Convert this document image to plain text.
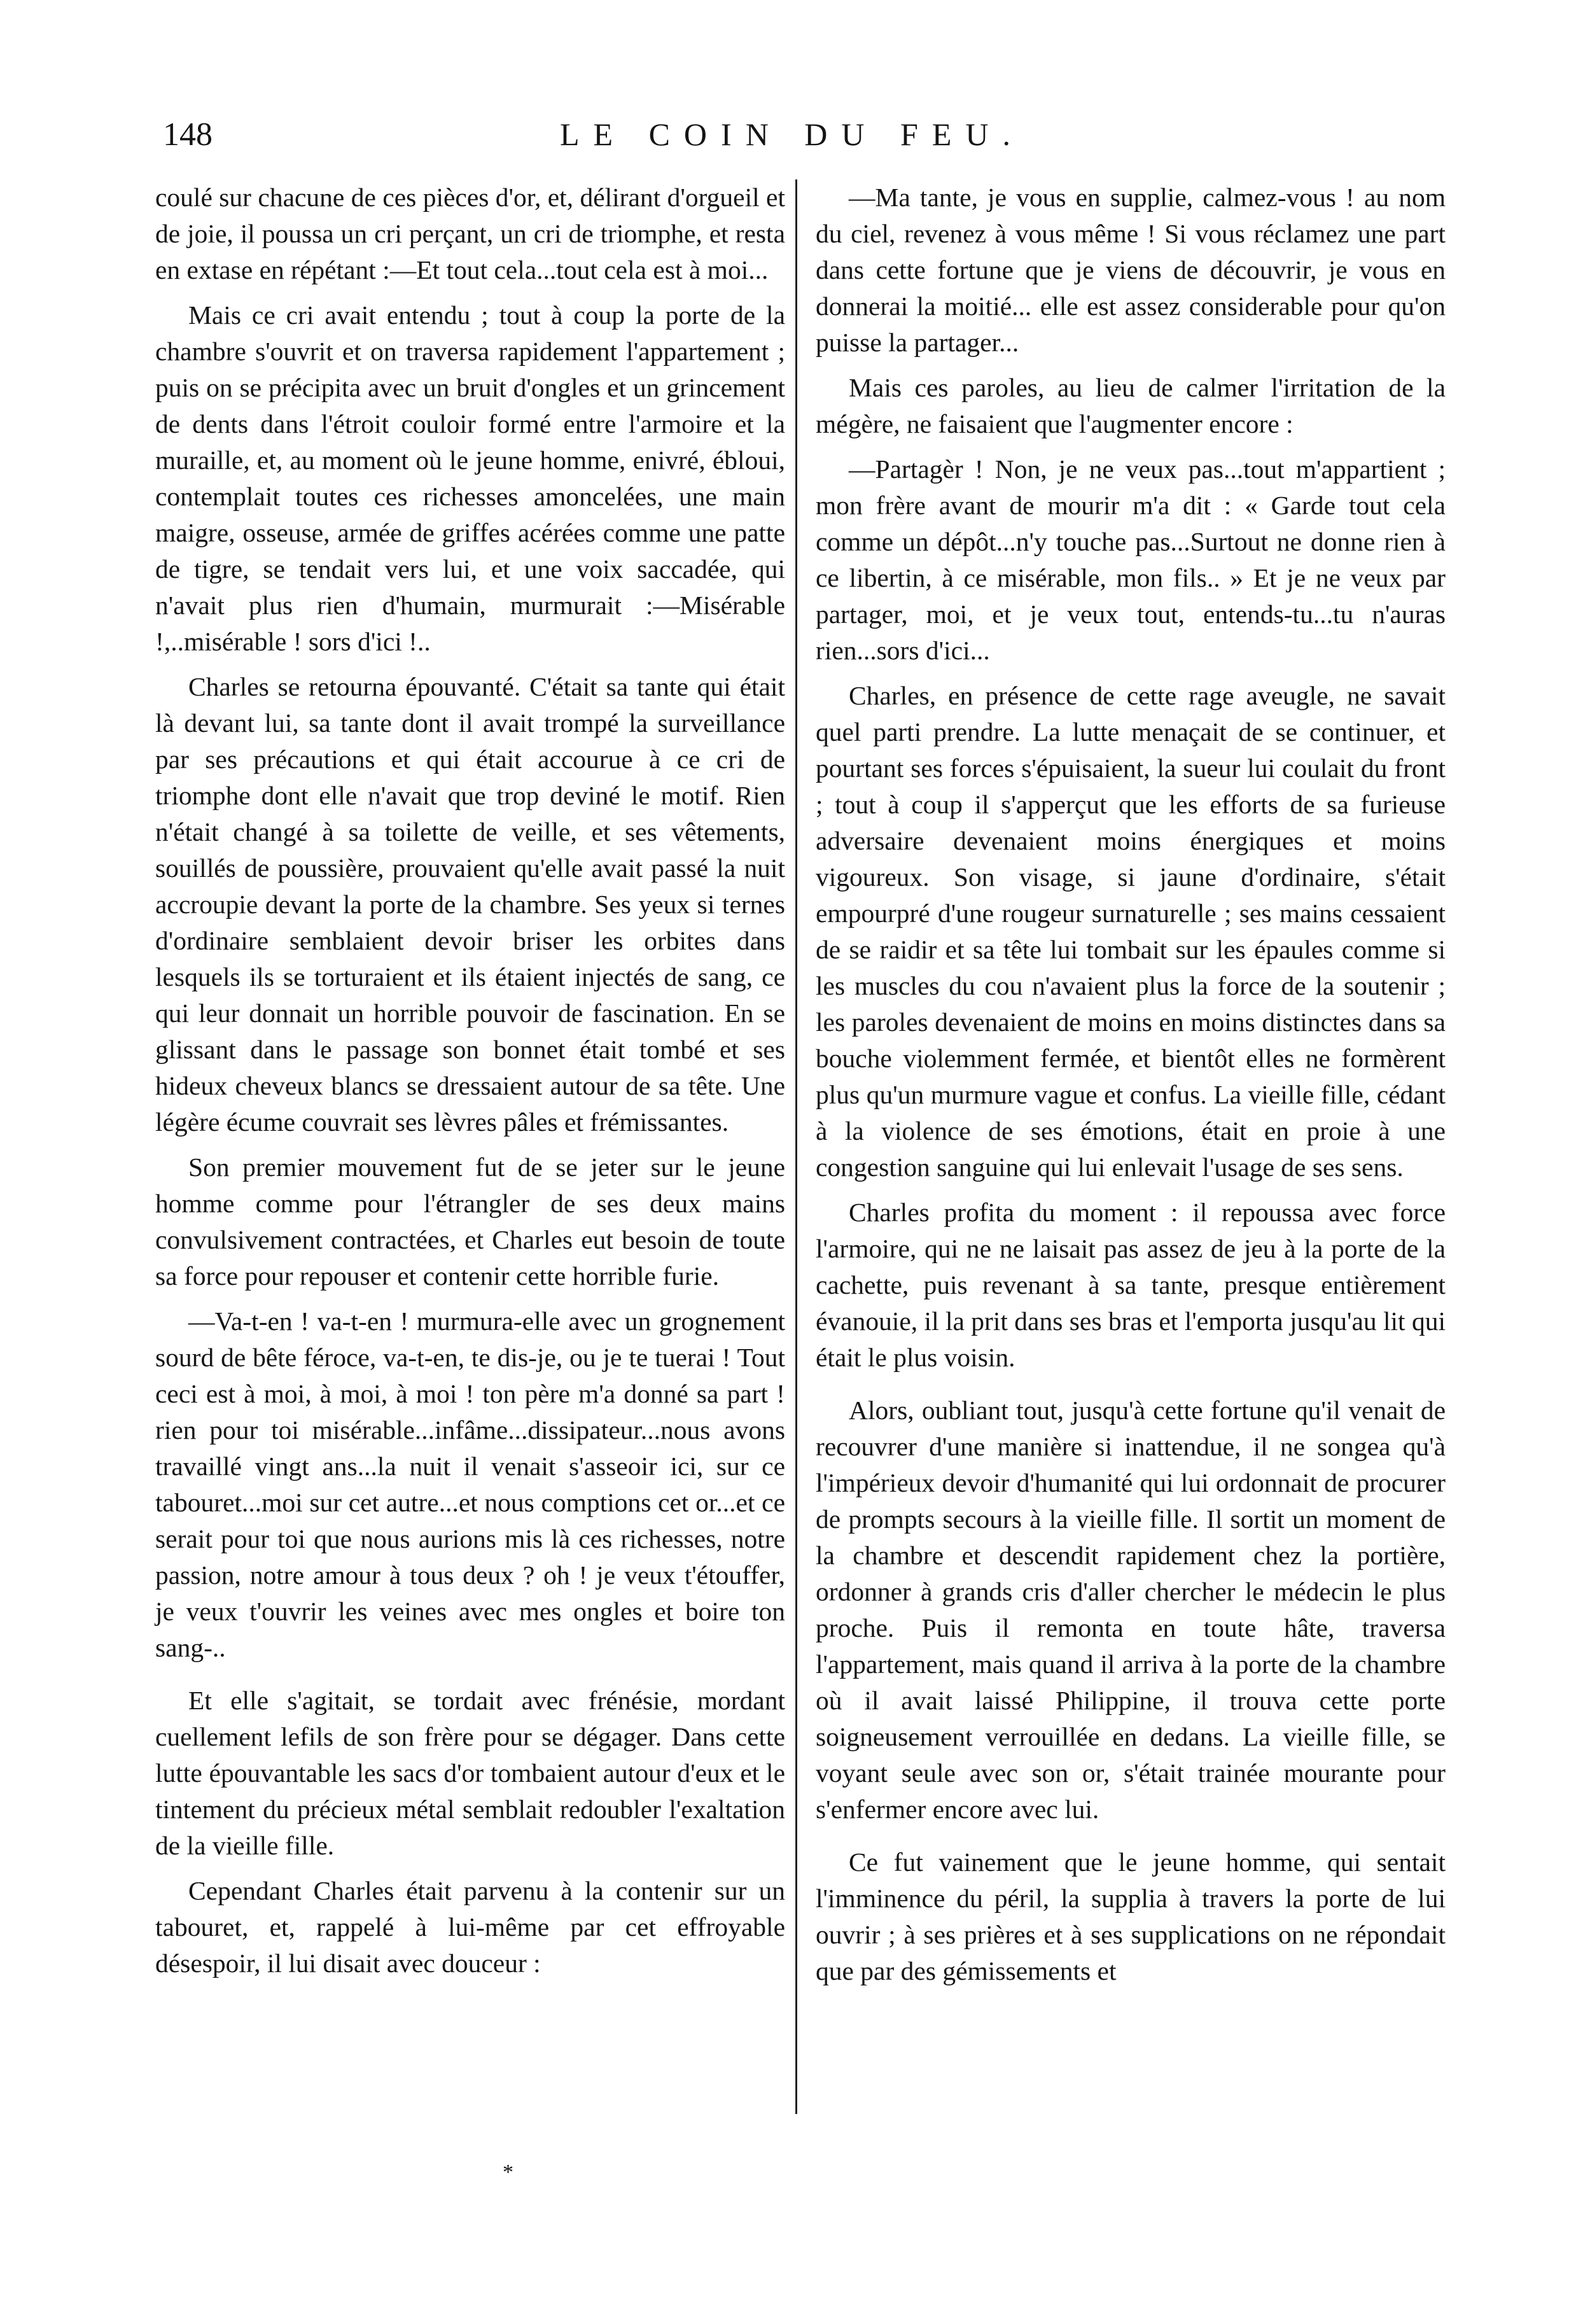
148	LE COIN DU FEU.

coulé sur chacune de ces pièces d'or, et, délirant d'orgueil et de joie, il poussa un cri perçant, un cri de triomphe, et resta en extase en répétant :—Et tout cela...tout cela est à moi...

Mais ce cri avait entendu ; tout à coup la porte de la chambre s'ouvrit et on traversa rapidement l'appartement ; puis on se précipita avec un bruit d'ongles et un grincement de dents dans l'étroit couloir formé entre l'armoire et la muraille, et, au moment où le jeune homme, enivré, ébloui, contemplait toutes ces richesses amoncelées, une main maigre, osseuse, armée de griffes acérées comme une patte de tigre, se tendait vers lui, et une voix saccadée, qui n'avait plus rien d'humain, murmurait :—Misérable !,..misérable ! sors d'ici !..

Charles se retourna épouvanté. C'était sa tante qui était là devant lui, sa tante dont il avait trompé la surveillance par ses précautions et qui était accourue à ce cri de triomphe dont elle n'avait que trop deviné le motif. Rien n'était changé à sa toilette de veille, et ses vêtements, souillés de poussière, prouvaient qu'elle avait passé la nuit accroupie devant la porte de la chambre. Ses yeux si ternes d'ordinaire semblaient devoir briser les orbites dans lesquels ils se torturaient et ils étaient injectés de sang, ce qui leur donnait un horrible pouvoir de fascination. En se glissant dans le passage son bonnet était tombé et ses hideux cheveux blancs se dressaient autour de sa tête. Une légère écume couvrait ses lèvres pâles et frémissantes.

Son premier mouvement fut de se jeter sur le jeune homme comme pour l'étrangler de ses deux mains convulsivement contractées, et Charles eut besoin de toute sa force pour repouser et contenir cette horrible furie.

—Va-t-en ! va-t-en ! murmura-elle avec un grognement sourd de bête féroce, va-t-en, te dis-je, ou je te tuerai ! Tout ceci est à moi, à moi, à moi ! ton père m'a donné sa part ! rien pour toi misérable...infâme...dissipateur...nous avons travaillé vingt ans...la nuit il venait s'asseoir ici, sur ce tabouret...moi sur cet autre...et nous comptions cet or...et ce serait pour toi que nous aurions mis là ces richesses, notre passion, notre amour à tous deux ? oh ! je veux t'étouffer, je veux t'ouvrir les veines avec mes ongles et boire ton sang-..

Et elle s'agitait, se tordait avec frénésie, mordant cuellement lefils de son frère pour se dégager. Dans cette lutte épouvantable les sacs d'or tombaient autour d'eux et le tintement du précieux métal semblait redoubler l'exaltation de la vieille fille.

Cependant Charles était parvenu à la contenir sur un tabouret, et, rappelé à lui-même par cet effroyable désespoir, il lui disait avec douceur :

—Ma tante, je vous en supplie, calmez-vous ! au nom du ciel, revenez à vous même ! Si vous réclamez une part dans cette fortune que je viens de découvrir, je vous en donnerai la moitié... elle est assez considerable pour qu'on puisse la partager...

Mais ces paroles, au lieu de calmer l'irritation de la mégère, ne faisaient que l'augmenter encore :

—Partagèr ! Non, je ne veux pas...tout m'appartient ; mon frère avant de mourir m'a dit : « Garde tout cela comme un dépôt...n'y touche pas...Surtout ne donne rien à ce libertin, à ce misérable, mon fils.. » Et je ne veux par partager, moi, et je veux tout, entends-tu...tu n'auras rien...sors d'ici...

Charles, en présence de cette rage aveugle, ne savait quel parti prendre. La lutte menaçait de se continuer, et pourtant ses forces s'épuisaient, la sueur lui coulait du front ; tout à coup il s'apperçut que les efforts de sa furieuse adversaire devenaient moins énergiques et moins vigoureux. Son visage, si jaune d'ordinaire, s'était empourpré d'une rougeur surnaturelle ; ses mains cessaient de se raidir et sa tête lui tombait sur les épaules comme si les muscles du cou n'avaient plus la force de la soutenir ; les paroles devenaient de moins en moins distinctes dans sa bouche violemment fermée, et bientôt elles ne formèrent plus qu'un murmure vague et confus. La vieille fille, cédant à la violence de ses émotions, était en proie à une congestion sanguine qui lui enlevait l'usage de ses sens.

Charles profita du moment : il repoussa avec force l'armoire, qui ne ne laisait pas assez de jeu à la porte de la cachette, puis revenant à sa tante, presque entièrement évanouie, il la prit dans ses bras et l'emporta jusqu'au lit qui était le plus voisin.

Alors, oubliant tout, jusqu'à cette fortune qu'il venait de recouvrer d'une manière si inattendue, il ne songea qu'à l'impérieux devoir d'humanité qui lui ordonnait de procurer de prompts secours à la vieille fille. Il sortit un moment de la chambre et descendit rapidement chez la portière, ordonner à grands cris d'aller chercher le médecin le plus proche. Puis il remonta en toute hâte, traversa l'appartement, mais quand il arriva à la porte de la chambre où il avait laissé Philippine, il trouva cette porte soigneusement verrouillée en dedans. La vieille fille, se voyant seule avec son or, s'était trainée mourante pour s'enfermer encore avec lui.

Ce fut vainement que le jeune homme, qui sentait l'imminence du péril, la supplia à travers la porte de lui ouvrir ; à ses prières et à ses supplications on ne répondait que par des gémissements et

*
